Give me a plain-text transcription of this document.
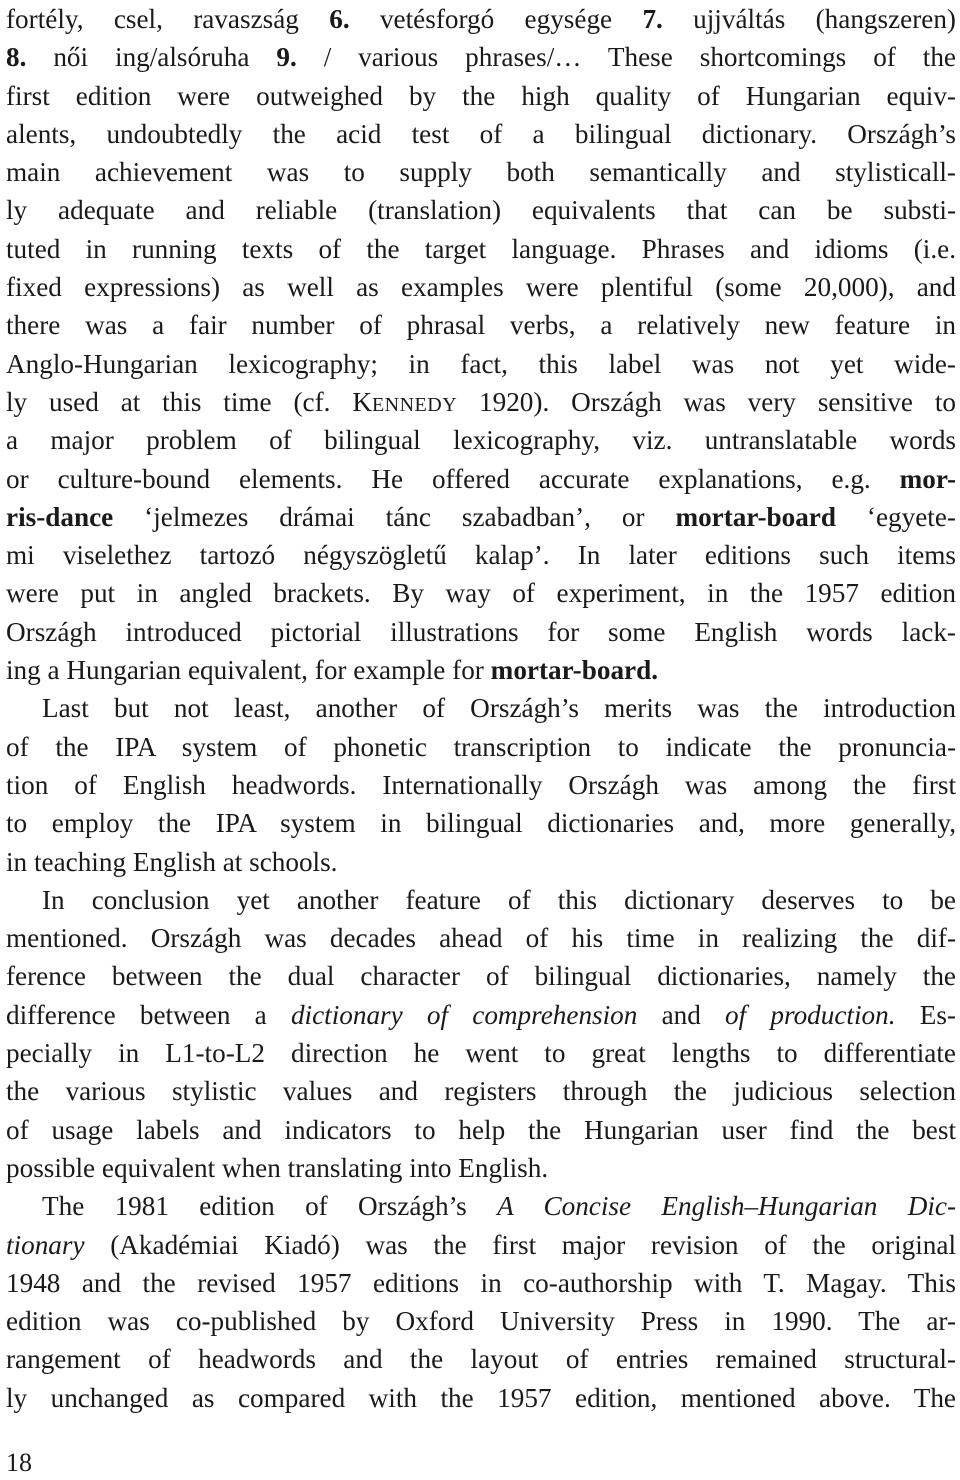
fortély, csel, ravaszság 6. vetésforgó egysége 7. ujjváltás (hangszeren)
8. női ing/alsóruha 9. / various phrases/… These shortcomings of the
first edition were outweighed by the high quality of Hungarian equiv-
alents, undoubtedly the acid test of a bilingual dictionary. Országh’s
main achievement was to supply both semantically and stylisticall-
ly adequate and reliable (translation) equivalents that can be substi-
tuted in running texts of the target language. Phrases and idioms (i.e.
fixed expressions) as well as examples were plentiful (some 20,000), and
there was a fair number of phrasal verbs, a relatively new feature in
Anglo-Hungarian lexicography; in fact, this label was not yet wide-
ly used at this time (cf. KENNEDY 1920). Országh was very sensitive to
a major problem of bilingual lexicography, viz. untranslatable words
or culture-bound elements. He offered accurate explanations, e.g. mor-
ris-dance ‘jelmezes drámai tánc szabadban’, or mortar-board ‘egyete-
mi viselethez tartozó négyszögletű kalap’. In later editions such items
were put in angled brackets. By way of experiment, in the 1957 edition
Országh introduced pictorial illustrations for some English words lack-
ing a Hungarian equivalent, for example for mortar-board.
Last but not least, another of Országh’s merits was the introduction
of the IPA system of phonetic transcription to indicate the pronuncia-
tion of English headwords. Internationally Országh was among the first
to employ the IPA system in bilingual dictionaries and, more generally,
in teaching English at schools.
In conclusion yet another feature of this dictionary deserves to be
mentioned. Országh was decades ahead of his time in realizing the dif-
ference between the dual character of bilingual dictionaries, namely the
difference between a dictionary of comprehension and of production. Es-
pecially in L1-to-L2 direction he went to great lengths to differentiate
the various stylistic values and registers through the judicious selection
of usage labels and indicators to help the Hungarian user find the best
possible equivalent when translating into English.
The 1981 edition of Országh’s A Concise English–Hungarian Dic-
tionary (Akadémiai Kiadó) was the first major revision of the original
1948 and the revised 1957 editions in co-authorship with T. Magay. This
edition was co-published by Oxford University Press in 1990. The ar-
rangement of headwords and the layout of entries remained structural-
ly unchanged as compared with the 1957 edition, mentioned above. The
18
